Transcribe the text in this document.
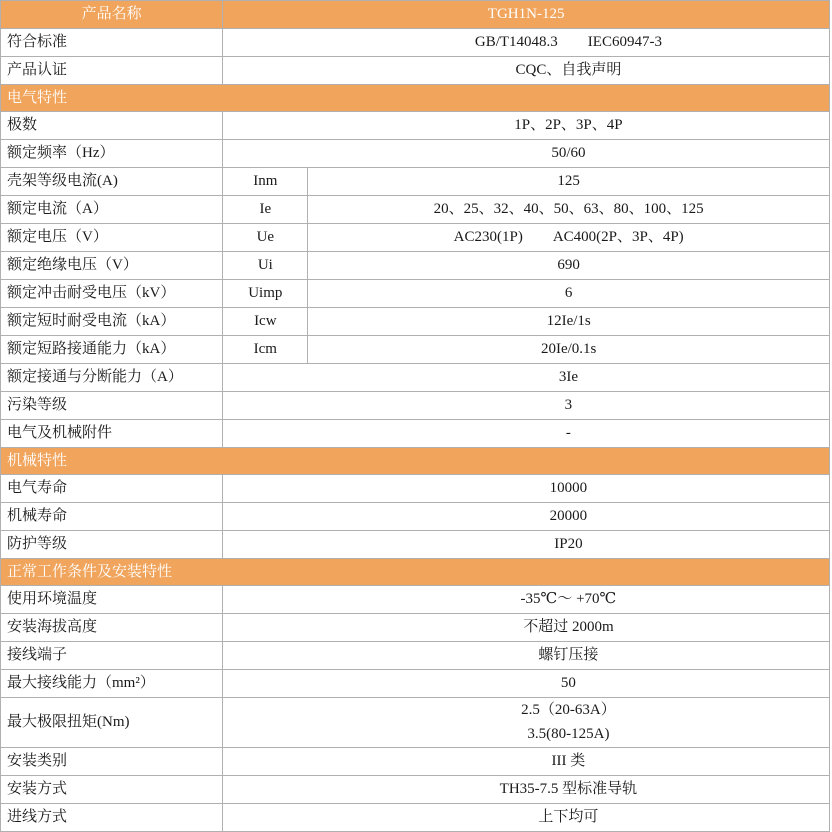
产品名称	TGH1N-125	
符合标准		GB/T14048.3　　IEC60947-3
产品认证		CQC、自我声明
电气特性		
极数		1P、2P、3P、4P
额定频率（Hz）		50/60
壳架等级电流(A)	Inm	125
额定电流（A）	Ie	20、25、32、40、50、63、80、100、125
额定电压（V）	Ue	AC230(1P)　　AC400(2P、3P、4P)
额定绝缘电压（V）	Ui	690
额定冲击耐受电压（kV）	Uimp	6
额定短时耐受电流（kA）	Icw	12Ie/1s
额定短路接通能力（kA）	Icm	20Ie/0.1s
额定接通与分断能力（A）		3Ie
污染等级		3
电气及机械附件		-
机械特性		
电气寿命		10000
机械寿命		20000
防护等级		IP20
正常工作条件及安装特性		
使用环境温度		-35℃～ +70℃
安装海拔高度		不超过 2000m
接线端子		螺钉压接
最大接线能力（mm²）		50
最大极限扭矩(Nm)		2.5（20-63A）
3.5(80-125A)

安装类别		III 类
安装方式		TH35-7.5 型标准导轨
进线方式		上下均可
